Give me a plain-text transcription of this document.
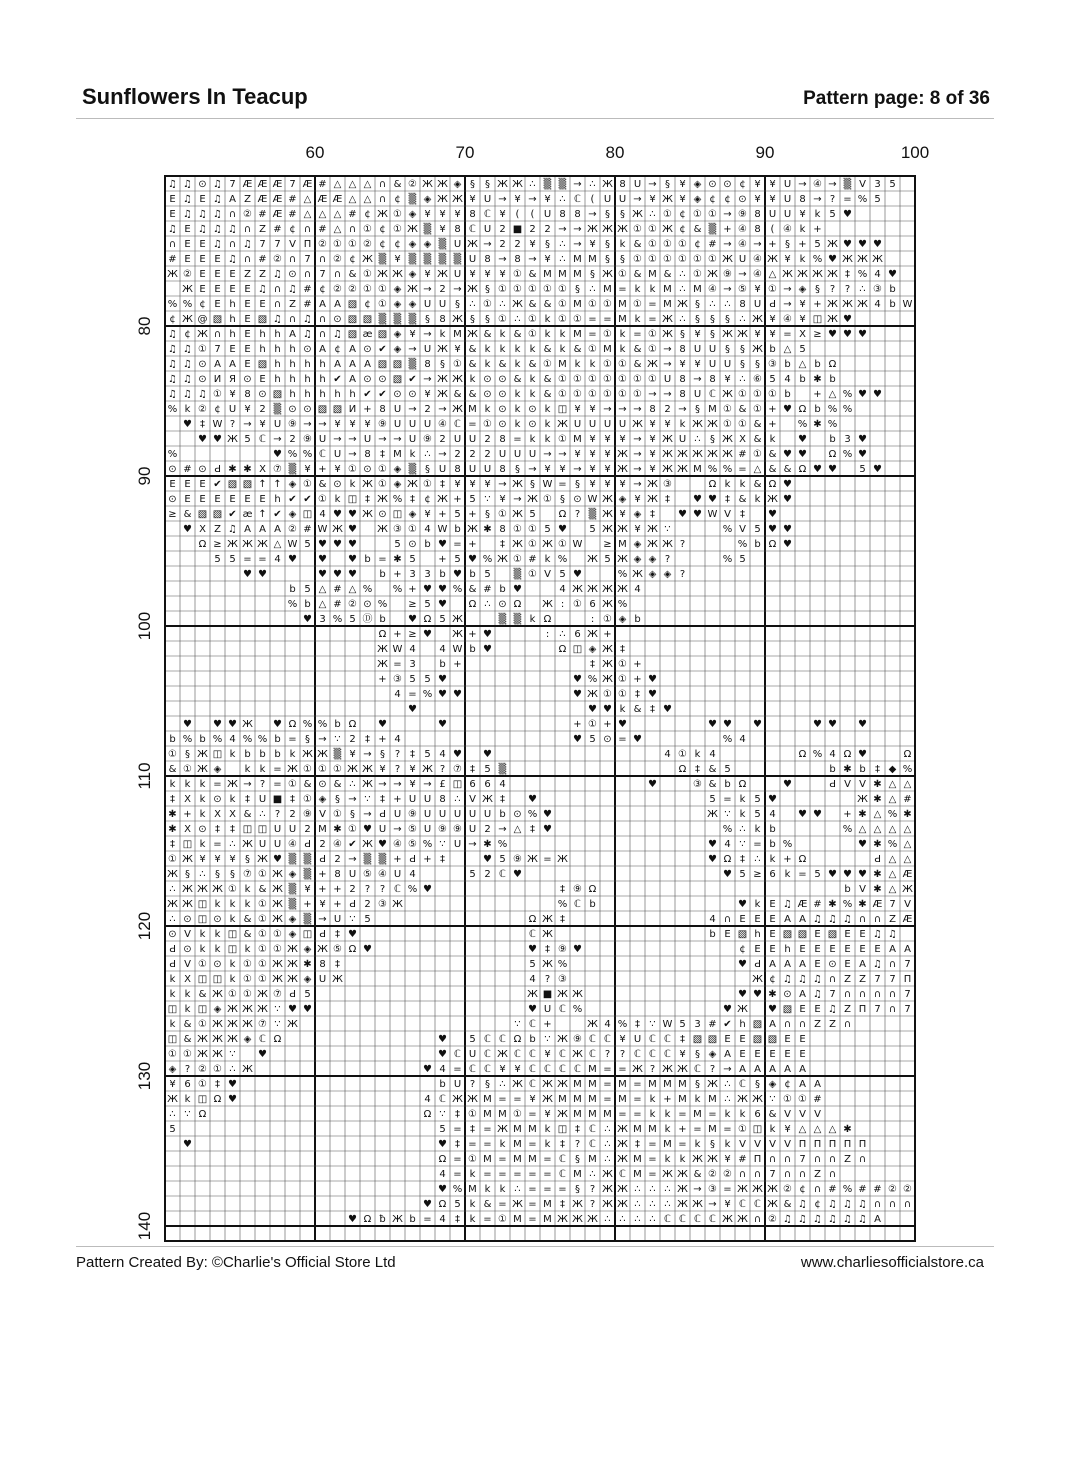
Sunflowers In Teacup	Pattern page: 8 of 36
60	70	80	90	100
80
90
100
110
120
130
140
♫ ♫ ⊙ ♫ 7 Æ Æ Æ 7 Æ # △ △ △ ∩ & ② Ж Ж ◈ § § Ж Ж ∴ ▒ ▒ → ∴ Ж 8 U → § ¥ ◈ ⊙ ⊙ ¢ ¥ ¥ U → ④ → ▒ V 3 5
E ♫ E ♫ A Z Æ Æ # △ Æ Æ △ △ ∩ ¢ ▒ ◈ Ж Ж ¥ U → ¥ → ¥ ∴ ℂ ( U U → ¥ Ж ¥ ◈ ¢ ¢ ⊙ ¥ ¥ U 8 → ? = % 5
E ♫ ♫ ♫ ∩ ② # Æ # △ △ △ # ¢ Ж ① ◈ ¥ ¥ ¥ 8 ℂ ¥ ( ( U 8 8 → § § Ж ∴ ① ¢ ① ① → ⑨ 8 U U ¥ k 5 ♥
♫ E ♫ ♫ ♫ ∩ Z # ¢ ∩ # △ ∩ ① ¢ ① Ж ▒ ¥ 8 ℂ U 2 ■ 2 2 → → Ж Ж Ж ① ① Ж ¢ & ▒ + ④ 8 ( ④ k +
∩ E E ♫ ∩ ♫ 7 7 V П ② ① ① ② ¢ ¢ ◈ ◈ ▒ U Ж → 2 2 ¥ § ∴ → ¥ § k & ① ① ① ¢ # → ④ → + § + 5 Ж ♥ ♥ ♥
# E E E ♫ ∩ # ② ∩ 7 ∩ ② ¢ Ж ▒ ¥ ▒ ▒ ▒ ▒ U 8 → 8 → ¥ ∴ M M § § ① ① ① ① ① ① Ж U ④ Ж ¥ k % ♥ Ж Ж Ж
Ж ② E E E Z Z ♫ ⊙ ∩ 7 ∩ & ① Ж Ж ◈ ¥ Ж U ¥ ¥ ¥ ① & M M M § Ж ① & M & ∴ ① Ж ⑨ → ④ △ Ж Ж Ж Ж ‡ % 4 ♥
Ж E E E E ♫ ∩ ♫ # ¢ ② ② ① ① ◈ Ж → 2 → Ж § ① ① ① ① ① § ∴ M = k k M ∴ M ④ → ⑤ ¥ ① → ◈ § ? ? ∴ ③ b
% % ¢ E h E E ∩ Z # A A ▧ ¢ ① ◈ ◈ U U § ∴ ① ∴ Ж & & ① M ① ① M ① = M Ж § ∴ ∴ 8 U Ԁ → ¥ + Ж Ж Ж 4 b W
¢ Ж @ ▧ h E ▧ ♫ ∩ ♫ ∩ ⊙ ▧ ▧ ▒ ▒ ▒ § 8 Ж § § ① ∴ ① k ① ① = = M k = Ж ∴ § § § ∴ Ж ¥ ④ ¥ ◫ Ж ♥
♫ ¢ Ж ∩ h E h h A ♫ ∩ ♫ ▧ æ ▧ ◈ ¥ → k M Ж & k & ① k k M = ① k = ① Ж § ¥ § Ж Ж ¥ ¥ = X ≥ ♥ ♥ ♥
♫ ♫ ① 7 E E h h h ⊙ A ¢ A ⊙ ✔ ◈ → U Ж ¥ & k k k k & k & ① M k & ① → 8 U U § § Ж b △ 5
♫ ♫ ⊙ A A E ▧ h h h h A A A ▧ ▧ ▒ 8 § ① & k & k & ① M k k ① ① & Ж → ¥ ¥ U U § § ③ b △ b Ω
♫ ♫ ⊙ И Я ⊙ E h h h h ✔ A ⊙ ⊙ ▧ ✔ → Ж Ж k ⊙ ⊙ & k & ① ① ① ① ① ① ① U 8 → 8 ¥ ∴ ⑥ 5 4 b ✱ b
♫ ♫ ♫ ① ¥ 8 ⊙ ▧ h h h h h ✔ ✔ ⊙ ⊙ ¥ Ж & & ⊙ ⊙ k k & ① ① ① ① ① ① → → 8 U ℂ Ж ① ① ① b + △ % ♥ ♥
% k ② ¢ U ¥ 2 ▒ ⊙ ⊙ ▧ ▧ И + 8 U → 2 → Ж M k ⊙ k ⊙ k ◫ ¥ ¥ → → → 8 2 → § M ① & ① + ♥ Ω b % %
♥ ‡ W ? → ¥ U ⑨ → → ¥ ¥ ¥ ⑨ U U U ④ ℂ = ① ⊙ k ⊙ k Ж U U U U Ж ¥ ¥ k Ж Ж ① ① & + % ✱ %
♥ ♥ Ж 5 ℂ → 2 ⑨ U → → U → → U ⑨ 2 U U 2 8 = k k ① M ¥ ¥ ¥ → ¥ Ж U ∴ § Ж X & k ♥ b 3 ♥
%	♥ % % ℂ U → 8 ‡ M k ∴ → 2 2 2 U U U → → ¥ ¥ ¥ Ж → ¥ Ж Ж Ж Ж Ж # ① & ♥ ♥ Ω % ♥
⊙ # ⊙ Ԁ ✱ ✱ X ⑦ ▒ ¥ + ¥ ① ⊙ ① ◈ ▒ § U 8 U U 8 § → ¥ ¥ → ¥ ¥ Ж → ¥ Ж Ж M % % = △ & & Ω ♥ ♥ 5 ♥
E E E ✔ ▧ ▧ ↑ ↑ ◈ ① & ⊙ k Ж ① ◈ Ж ① ‡ ¥ ¥ ¥ → Ж § W = § ¥ ¥ ¥ → Ж ③	Ω k k & Ω ♥
⊙ E E E E E E h ✔ ✔ ① k ◫ ‡ Ж % ‡ ¢ Ж + 5 ∵ ¥ → Ж ① § ⊙ W Ж ◈ ¥ Ж ‡ ♥ ♥ ‡ & k Ж ♥
≥ & ▧ ▧ ✔ æ ↑ ✔ ◈ ◫ 4 ♥ ♥ Ж ⊙ ◫ ◈ ¥ + 5 + § ① Ж 5 Ω ? ▒ Ж ¥ ◈ ‡ ♥ ♥ W V ‡ ♥
♥ X Z ♫ A A A ② # W Ж ♥ Ж ③ ① 4 W b Ж ✱ 8 ① ① 5 ♥ 5 Ж Ж ¥ Ж ∵	% V 5 ♥ ♥
Ω ≥ Ж Ж Ж △ W 5 ♥ ♥ ♥	5 ⊙ b ♥ = + ‡ Ж ① Ж ① W ≥ M ◈ Ж Ж ?	% b Ω ♥
5 5 = = 4 ♥ ♥ ♥ b = ✱ 5 + 5 ♥ % Ж ① # k % Ж 5 Ж ◈ ◈ ?	% 5
♥ ♥	♥ ♥ ♥ b + 3 3 b ♥ b 5 ▒ ① V 5 ♥	% Ж ◈ ◈ ?
b 5 △ # △ % % + ♥ ♥ % & # b ♥	4 Ж Ж Ж Ж 4
% b △ # ② ⊙ % ≥ 5 ♥ Ω ∴ ⊙ Ω Ж : ① 6 Ж %
♥ 3 % 5 Ⓓ b ♥ Ω 5 Ж	▒ ▒ k Ω	: ① ◈ b
Ω + ≥ ♥ Ж + ♥	: ∴ 6 Ж +
Ж W 4 4 W b ♥	Ω ◫ ◈ Ж ‡
Ж = 3 b +	‡ Ж ① +
+ ③ 5 5 ♥	♥ % Ж ① + ♥
4 = % ♥ ♥	♥ Ж ① ① ‡ ♥
♥	♥ ♥ k & ‡ ♥
♥ ♥ ♥ Ж ♥ Ω % % b Ω ♥	♥	+ ① + ♥	♥ ♥ ♥	♥ ♥ ♥
b % b % 4 % % b = § → ∵ 2 ‡ + 4	♥ 5 ⊙ = ♥	% 4
① § Ж ◫ k b b b k Ж Ж ▒ ¥ → § ? ‡ 5 4 ♥ ♥	4 ① k 4	Ω % 4 Ω ♥	Ω
& ① Ж ◈ k k = Ж ① ① ① Ж Ж ¥ ? ¥ Ж ? ⑦ ‡ 5 ▒	Ω ‡ & 5	b ✱ b ‡ ◆ %
k k k = Ж → ? = ① & ⊙ & ∴ Ж → → ¥ → £ ◫ 6 6 4	♥	③ & b Ω	♥	Ԁ V V ✱ △ △
‡ X k ⊙ k ‡ U ■ ‡ ① ◈ § → ∵ ‡ + U U 8 ∴ V Ж ‡ ♥	5 = k 5 ♥	Ж ✱ △ #
✱ + k X X & ∴ ? 2 ⑨ V ① § → Ԁ U ⑨ U U U U U b ⊙ % ♥	Ж ∵ k 5 4 ♥ ♥ + ✱ △ % ✱
✱ X ⊙ ‡ ‡ ◫ ◫ U U 2 M ✱ ① ♥ U → ⑤ U ⑨ ⑨ U 2 → △ ‡ ♥	% ∴ k b	% △ △ △ △
‡ ◫ k = ∴ Ж U U ④ Ԁ 2 ④ ✔ Ж ♥ ④ ⑤ % ∵ U → ✱ %	♥ 4 ∵ = b %	♥ ✱ % △
① Ж ¥ ¥ ¥ § Ж ♥ ▒ ▒ Ԁ 2 → ▒ ▒ + Ԁ + ‡	♥ 5 ⑨ Ж = Ж	♥ Ω ‡ ∴ k + Ω	Ԁ △ △
Ж § ∴ § § ⑦ ① Ж ◈ ▒ + 8 U ⑤ ④ U 4	5 2 ℂ ♥	♥ 5 ≥ 6 k = 5 ♥ ♥ ♥ ✱ △ Æ
∴ Ж Ж Ж ① k & Ж ▒ ¥ + + 2 ? ? ℂ % ♥	‡ ⑨ Ω	b V ✱ △ Ж
Ж Ж ◫ k k k ① Ж ▒ + ¥ + Ԁ 2 ③ Ж	% ℂ b	♥ k E ♫ Æ # ✱ % ✱ Æ 7 V
∴ ⊙ ◫ ⊙ k & ① Ж ◈ ▒ → U ∵ 5	Ω Ж ‡	4 ∩ E E E A A ♫ ♫ ♫ ∩ ∩ Z Æ
⊙ V k k ◫ & ① ① ◈ ◫ Ԁ ‡ ♥	ℂ Ж	b E ▧ h E ▧ ▧ E ▧ E E ♫ ♫
Ԁ ⊙ k k ◫ k ① ① Ж ◈ Ж ⑤ Ω ♥	♥ ‡ ⑨ ♥	¢ E E h E E E E E E A A
Ԁ V ① ⊙ k ① ① Ж Ж ✱ 8 ‡	5 Ж %	♥ Ԁ A A A E ⊙ E A ♫ ∩ 7
k X ◫ ◫ k ① ① Ж Ж ◈ U Ж	4 ? ③	Ж ¢ ♫ ♫ ♫ ∩ Z Z 7 7 П
k k & Ж ① ① Ж ⑦ Ԁ 5	Ж ■ Ж Ж	♥ ♥ ✱ ⊙ A ♫ 7 ∩ ∩ ∩ ∩ 7
◫ k ◫ ◈ Ж Ж Ж ∵ ♥ ♥	♥ U ℂ %	♥ Ж ♥ ▧ E E ♫ Z П 7 ∩ 7
k & ① Ж Ж Ж ⑦ ∵ Ж	∵ ℂ +	Ж 4 % ‡ ∵ W 5 3 # ✔ h ▧ A ∩ ∩ Z Z ∩
◫ & Ж Ж Ж ◈ ℂ Ω	♥ 5 ℂ ℂ Ω b ∵ Ж ⑨ ℂ ℂ ¥ U ℂ ℂ ‡ ▧ ▧ E E ▧ ▧ E E
① ① Ж Ж ∵ ♥	♥ ℂ U ℂ Ж ℂ ℂ ¥ ℂ Ж ℂ ? ? ℂ ℂ ℂ ¥ § ◈ A E E E E E
◈ ? ② ① ∴ Ж	♥ 4 = ℂ ℂ ¥ ¥ ℂ ℂ ℂ ℂ M = = Ж ? Ж Ж ℂ ? → A A A A A
¥ 6 ① ‡ ♥	b U ? § ∴ Ж ℂ Ж Ж M M = M = M M M § Ж ∴ ℂ § ◈ ¢ A A
Ж k ◫ Ω ♥	4 ℂ Ж Ж M = = ¥ Ж M M M = M = k + M k M ∴ Ж Ж ∵ ① ① #
∴ ∵ Ω	Ω ∵ ‡ ① M M ① = ¥ Ж M M M = = k k = M = k k 6 & V V V
5	5 = ‡ = Ж M M k ◫ ‡ ℂ ∴ Ж M M k + = M = ① ◫ k ¥ △ △ △ ✱
♥	♥ ‡ = = k M = k ‡ ? ℂ ∴ Ж ‡ = M = k § k V V V V П П П П П
Ω = ① M = M M = ℂ § M ∴ Ж M = k k Ж Ж ¥ # П ∩ ∩ 7 ∩ ∩ Z ∩
4 = k = = = = = ℂ M ∴ Ж ℂ M = Ж Ж & ② ② ∩ ∩ 7 ∩ ∩ Z ∩
♥ % M k k ∴ = = = § ? Ж Ж ∴ ∴ ∴ Ж → ③ = Ж Ж Ж ② ¢ ∩ # % # # ② ②
♥ Ω 5 k & = Ж = M ‡ Ж ? Ж Ж ∴ ∴ ∴ Ж Ж → ¥ ℂ ℂ Ж & ♫ ¢ ♫ ♫ ♫ ∩ ∩ ∩
♥ Ω ƀ Ж b = 4 ‡ k = ① M = M Ж Ж Ж ∴ ∴ ∴ ∴ ℂ ℂ ℂ ℂ Ж Ж ∩ ② ♫ ♫ ♫ ♫ ♫ ♫ A
Pattern Created By: ©Charlie's Official Store Ltd	www.charliesofficialstore.ca
